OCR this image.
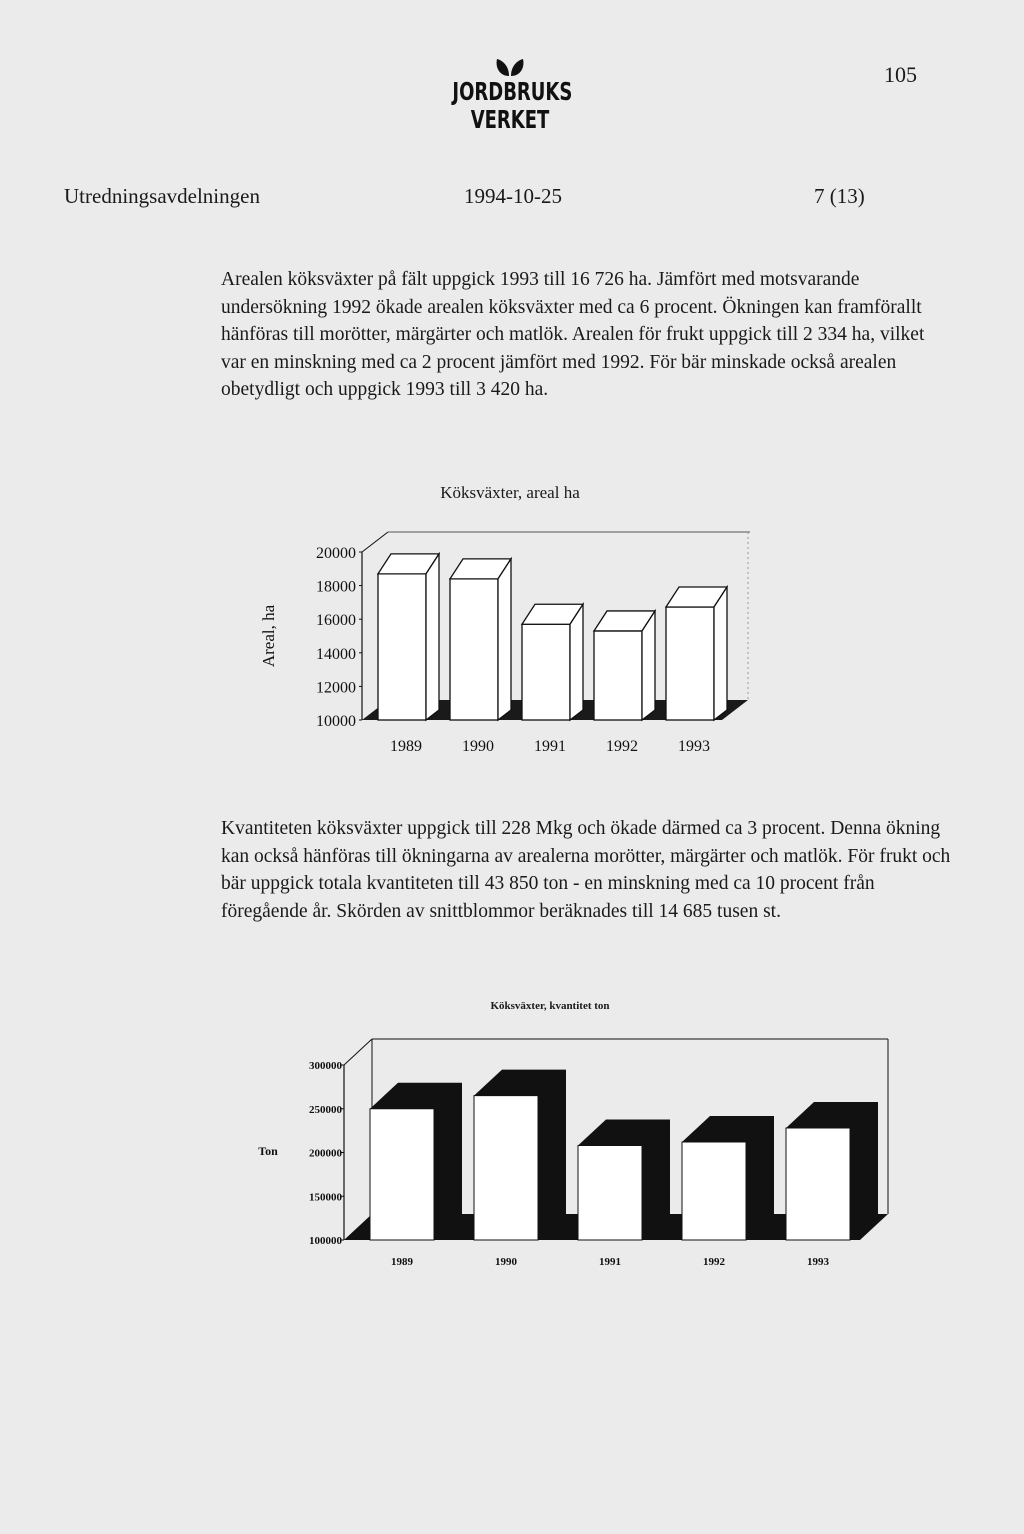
105
JORDBRUKS
VERKET
Utredningsavdelningen	1994-10-25	7 (13)

Arealen köksväxter på fält uppgick 1993 till 16 726 ha. Jämfört med motsvarande undersökning 1992 ökade arealen köksväxter med ca 6 procent. Ökningen kan framförallt hänföras till morötter, märgärter och matlök. Arealen för frukt uppgick till 2 334 ha, vilket var en minskning med ca 2 procent jämfört med 1992. För bär minskade också arealen obetydligt och uppgick 1993 till 3 420 ha.

Köksväxter, areal ha
20000
18000
16000
14000
12000
10000
Areal, ha
1989	1990	1991	1992	1993

Kvantiteten köksväxter uppgick till 228 Mkg och ökade därmed ca 3 procent. Denna ökning kan också hänföras till ökningarna av arealerna morötter, märgärter och matlök. För frukt och bär uppgick totala kvantiteten till 43 850 ton - en minskning med ca 10 procent från föregående år. Skörden av snittblommor beräknades till 14 685 tusen st.

Köksväxter, kvantitet ton
300000
250000
200000
150000
100000
Ton
1989	1990	1991	1992	1993
